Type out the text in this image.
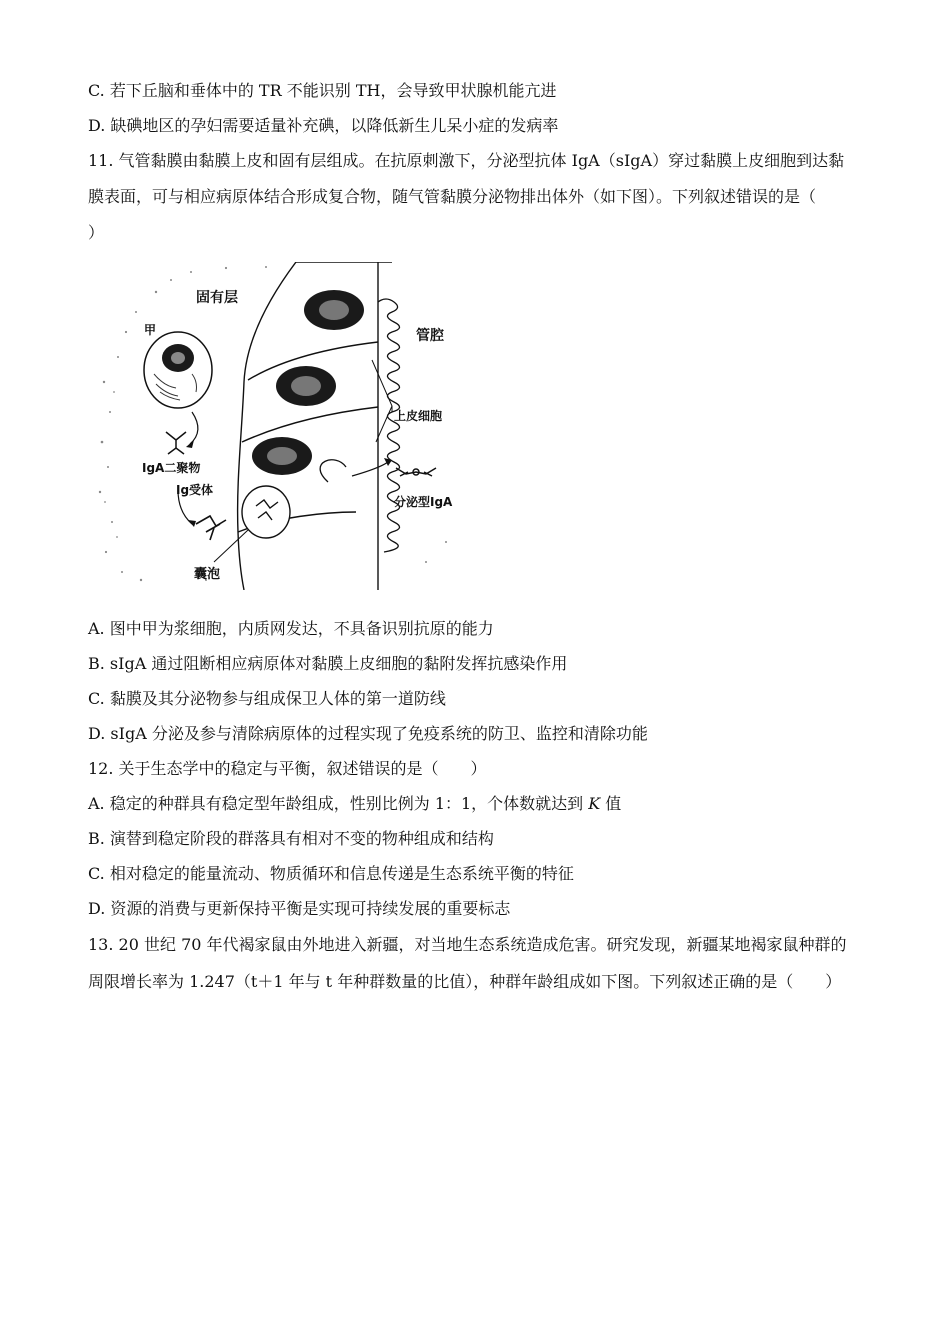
C. 若下丘脑和垂体中的 TR 不能识别 TH，会导致甲状腺机能亢进
D. 缺碘地区的孕妇需要适量补充碘，以降低新生儿呆小症的发病率
11. 气管黏膜由黏膜上皮和固有层组成。在抗原刺激下，分泌型抗体 IgA（sIgA）穿过黏膜上皮细胞到达黏
膜表面，可与相应病原体结合形成复合物，随气管黏膜分泌物排出体外（如下图）。下列叙述错误的是（
）
固有层
甲	管腔
上皮细胞
IgA二聚物
Ig受体
囊泡
分泌型IgA
A. 图中甲为浆细胞，内质网发达，不具备识别抗原的能力
B. sIgA 通过阻断相应病原体对黏膜上皮细胞的黏附发挥抗感染作用
C. 黏膜及其分泌物参与组成保卫人体的第一道防线
D. sIgA 分泌及参与清除病原体的过程实现了免疫系统的防卫、监控和清除功能
12. 关于生态学中的稳定与平衡，叙述错误的是（　　）
A. 稳定的种群具有稳定型年龄组成，性别比例为 1：1，个体数就达到 K 值
B. 演替到稳定阶段的群落具有相对不变的物种组成和结构
C. 相对稳定的能量流动、物质循环和信息传递是生态系统平衡的特征
D. 资源的消费与更新保持平衡是实现可持续发展的重要标志
13. 20 世纪 70 年代褐家鼠由外地进入新疆，对当地生态系统造成危害。研究发现，新疆某地褐家鼠种群的
周限增长率为 1.247（t＋1 年与 t 年种群数量的比值），种群年龄组成如下图。下列叙述正确的是（　　）
